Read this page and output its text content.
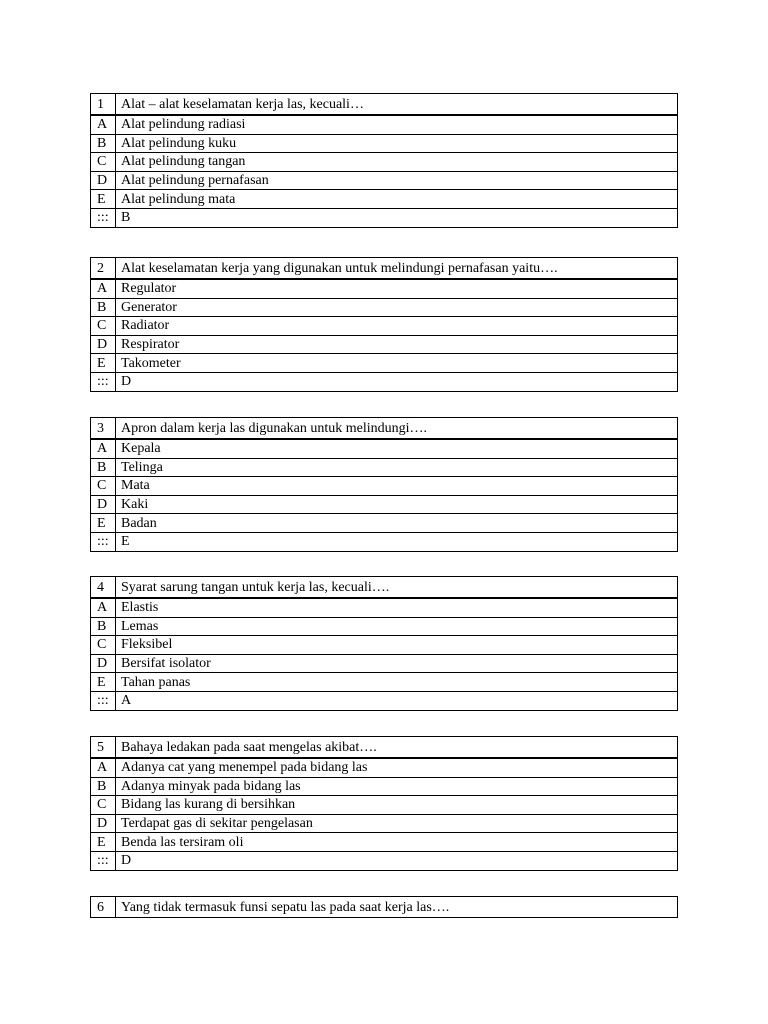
1	Alat – alat keselamatan kerja las, kecuali…
A	Alat pelindung radiasi
B	Alat pelindung kuku
C	Alat pelindung tangan
D	Alat pelindung pernafasan
E	Alat pelindung mata
:::	B
2	Alat keselamatan kerja yang digunakan untuk melindungi pernafasan yaitu….
A	Regulator
B	Generator
C	Radiator
D	Respirator
E	Takometer
:::	D
3	Apron dalam kerja las digunakan untuk melindungi….
A	Kepala
B	Telinga
C	Mata
D	Kaki
E	Badan
:::	E
4	Syarat sarung tangan untuk kerja las, kecuali….
A	Elastis
B	Lemas
C	Fleksibel
D	Bersifat isolator
E	Tahan panas
:::	A
5	Bahaya ledakan pada saat mengelas akibat….
A	Adanya cat yang menempel pada bidang las
B	Adanya minyak pada bidang las
C	Bidang las kurang di bersihkan
D	Terdapat gas di sekitar pengelasan
E	Benda las tersiram oli
:::	D
6	Yang tidak termasuk funsi sepatu las pada saat kerja las….
